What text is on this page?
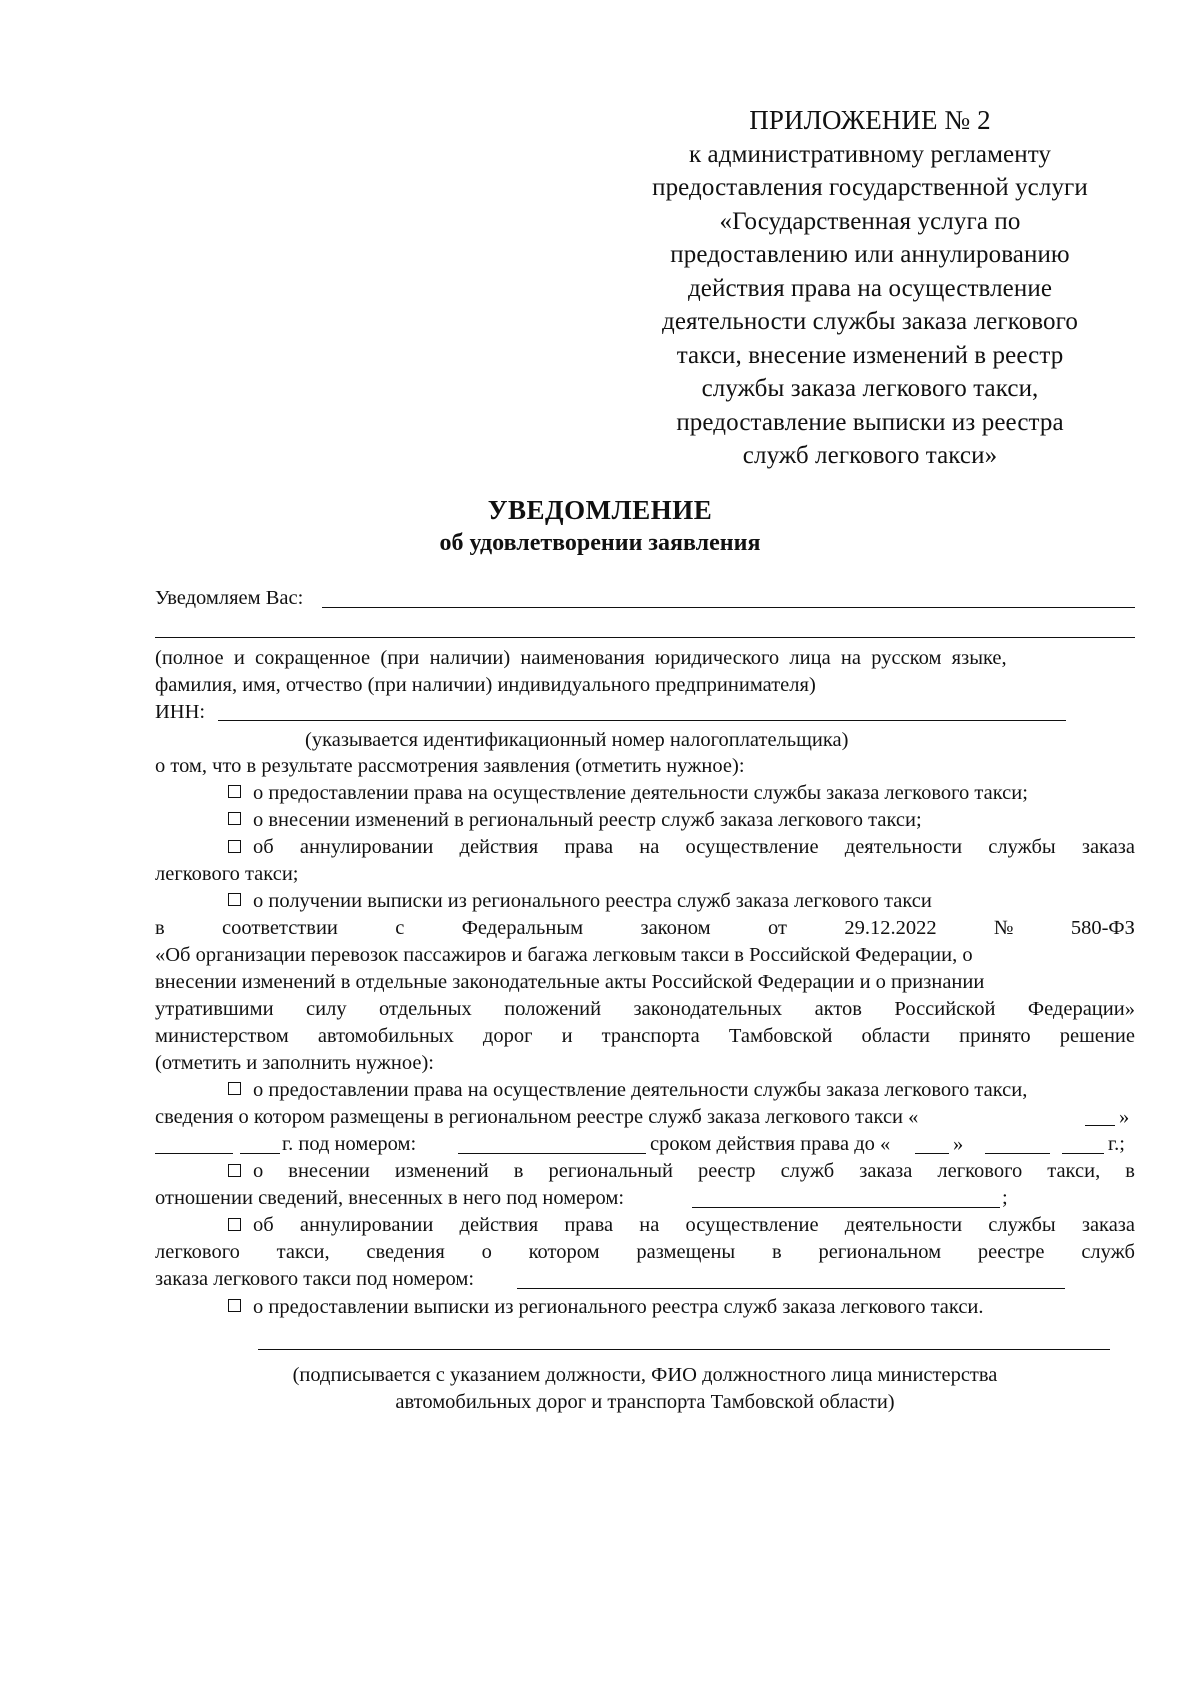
ПРИЛОЖЕНИЕ № 2
к административному регламенту
предоставления государственной услуги
«Государственная услуга по
предоставлению или аннулированию
действия права на осуществление
деятельности службы заказа легкового
такси, внесение изменений в реестр
службы заказа легкового такси,
предоставление выписки из реестра
служб легкового такси»
УВЕДОМЛЕНИЕ
об удовлетворении заявления
Уведомляем Вас:
(полное  и  сокращенное  (при  наличии)  наименования  юридического  лица  на  русском  языке,
фамилия, имя, отчество (при наличии) индивидуального предпринимателя)
ИНН:
(указывается идентификационный номер налогоплательщика)
о том, что в результате рассмотрения заявления (отметить нужное):
о предоставлении права на осуществление деятельности службы заказа легкового такси;
о внесении изменений в региональный реестр служб заказа легкового такси;
об аннулировании действия права на осуществление деятельности службы заказа
легкового такси;
о получении выписки из регионального реестра служб заказа легкового такси
в	соответствии	с	Федеральным	законом	от	29.12.2022	№	580-ФЗ
«Об организации перевозок пассажиров и багажа легковым такси в Российской Федерации, о
внесении изменений в отдельные законодательные акты Российской Федерации и о признании
утратившими силу отдельных положений законодательных актов Российской Федерации»
министерством автомобильных дорог и транспорта Тамбовской области принято решение
(отметить и заполнить нужное):
о предоставлении права на осуществление деятельности службы заказа легкового такси,
сведения о котором размещены в региональном реестре служб заказа легкового такси «	»
г. под номером:	сроком действия права до «	»	г.;
о внесении изменений в региональный реестр служб заказа легкового такси, в
отношении сведений, внесенных в него под номером:	;
об аннулировании действия права на осуществление деятельности службы заказа
легкового такси, сведения о котором размещены в региональном реестре служб
заказа легкового такси под номером:
о предоставлении выписки из регионального реестра служб заказа легкового такси.
(подписывается с указанием должности, ФИО должностного лица министерства
автомобильных дорог и транспорта Тамбовской области)
